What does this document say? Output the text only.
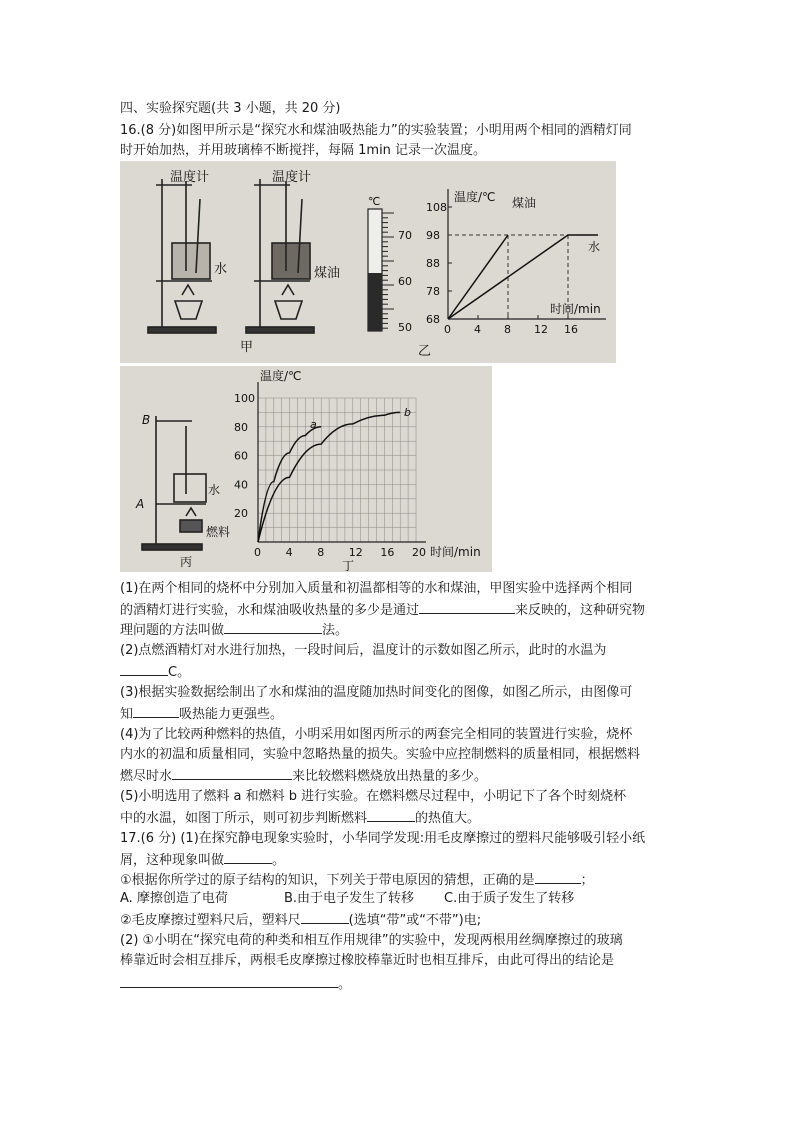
四、实验探究题(共 3 小题，共 20 分)
16.(8 分)如图甲所示是“探究水和煤油吸热能力”的实验装置；小明用两个相同的酒精灯同
时开始加热，并用玻璃棒不断搅拌，每隔 1min 记录一次温度。
温度计	温度计
水	煤油
甲	乙
℃
70
60
50
108
98
88
78
68
0 4 8 12 16
温度/℃
时间/min
煤油
水
B
A
水
燃料
丙	丁
100
80
60
40
20
0 4 8 12 16 20
温度/℃
时间/min
a
b
(1)在两个相同的烧杯中分别加入质量和初温都相等的水和煤油，甲图实验中选择两个相同
的酒精灯进行实验，水和煤油吸收热量的多少是通过	来反映的，这种研究物
理问题的方法叫做	法。
(2)点燃酒精灯对水进行加热，一段时间后，温度计的示数如图乙所示，此时的水温为
C。
(3)根据实验数据绘制出了水和煤油的温度随加热时间变化的图像，如图乙所示，由图像可
知	吸热能力更强些。
(4)为了比较两种燃料的热值，小明采用如图丙所示的两套完全相同的装置进行实验，烧杯
内水的初温和质量相同，实验中忽略热量的损失。实验中应控制燃料的质量相同，根据燃料
燃尽时水	来比较燃料燃烧放出热量的多少。
(5)小明选用了燃料 a 和燃料 b 进行实验。在燃料燃尽过程中，小明记下了各个时刻烧杯
中的水温，如图丁所示，则可初步判断燃料	的热值大。
17.(6 分) (1)在探究静电现象实验时，小华同学发现:用毛皮摩擦过的塑料尺能够吸引轻小纸
屑，这种现象叫做	。
①根据你所学过的原子结构的知识，下列关于带电原因的猜想，正确的是	；
A. 摩擦创造了电荷	B.由于电子发生了转移 C.由于质子发生了转移
②毛皮摩擦过塑料尺后，塑料尺	(选填“带”或“不带”)电;
(2) ①小明在“探究电荷的种类和相互作用规律”的实验中，发现两根用丝绸摩擦过的玻璃
棒靠近时会相互排斥，两根毛皮摩擦过橡胶棒靠近时也相互排斥，由此可得出的结论是
。
